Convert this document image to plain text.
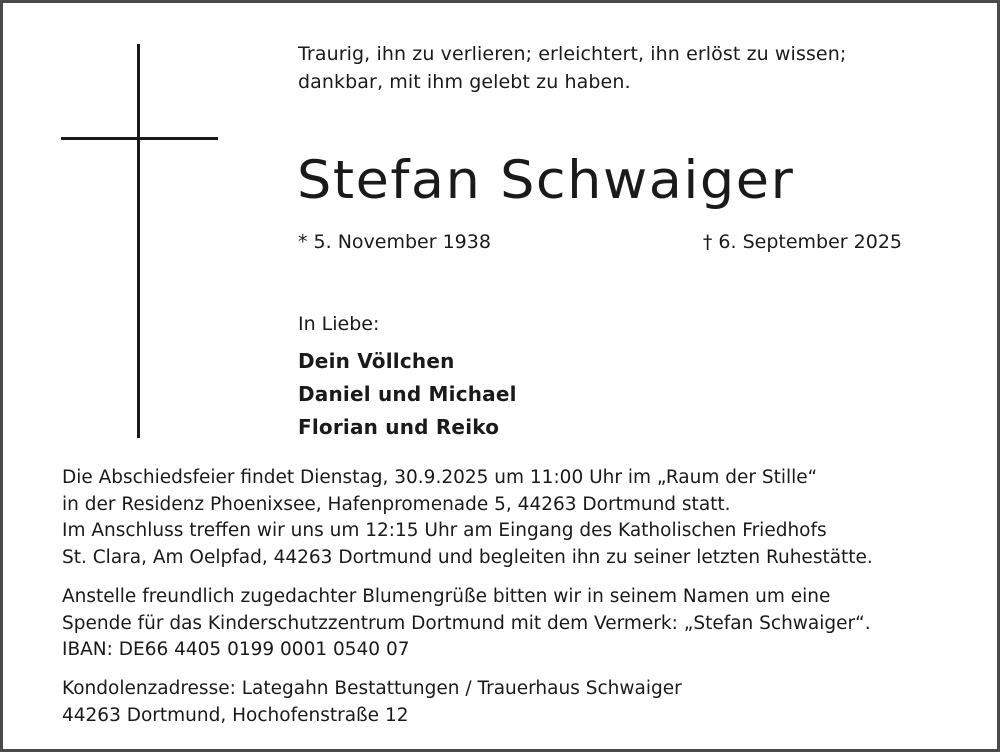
Traurig, ihn zu verlieren; erleichtert, ihn erlöst zu wissen;
dankbar, mit ihm gelebt zu haben.
Stefan Schwaiger
* 5. November 1938	† 6. September 2025
In Liebe:
Dein Völlchen
Daniel und Michael
Florian und Reiko
Die Abschiedsfeier findet Dienstag, 30.9.2025 um 11:00 Uhr im „Raum der Stille“
in der Residenz Phoenixsee, Hafenpromenade 5, 44263 Dortmund statt.
Im Anschluss treffen wir uns um 12:15 Uhr am Eingang des Katholischen Friedhofs
St. Clara, Am Oelpfad, 44263 Dortmund und begleiten ihn zu seiner letzten Ruhestätte.
Anstelle freundlich zugedachter Blumengrüße bitten wir in seinem Namen um eine
Spende für das Kinderschutzzentrum Dortmund mit dem Vermerk: „Stefan Schwaiger“.
IBAN: DE66 4405 0199 0001 0540 07
Kondolenzadresse: Lategahn Bestattungen / Trauerhaus Schwaiger
44263 Dortmund, Hochofenstraße 12
